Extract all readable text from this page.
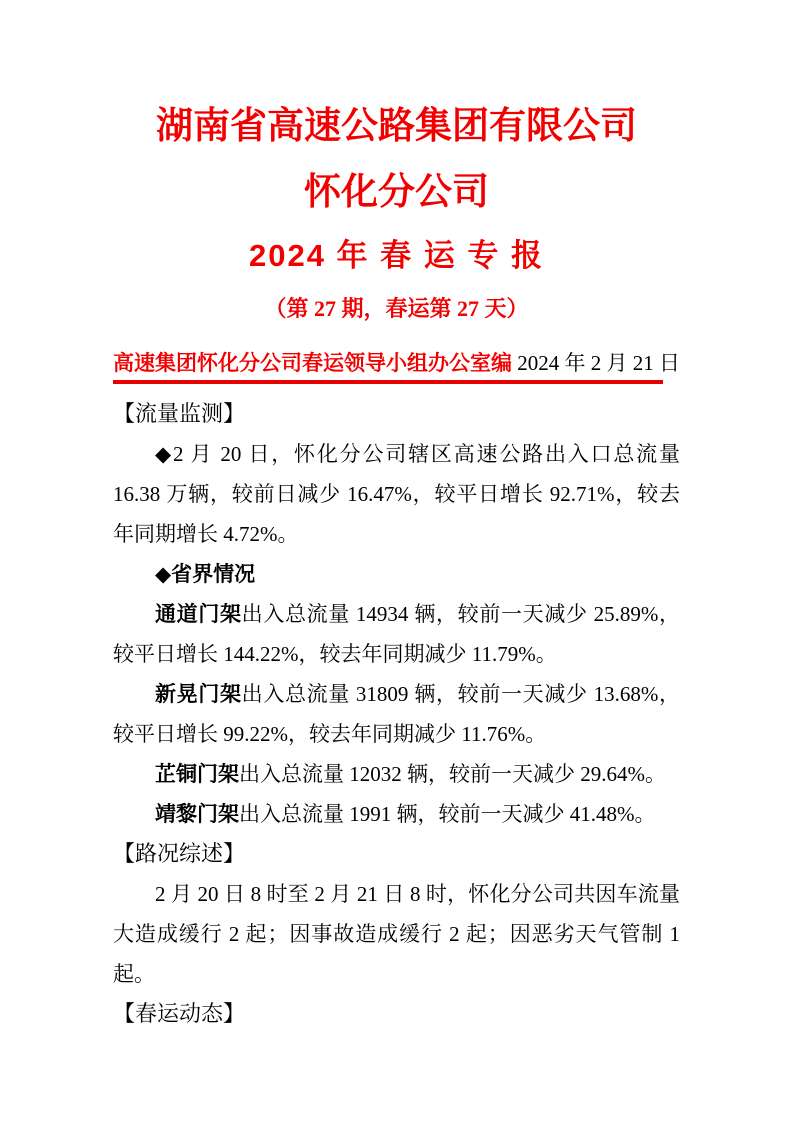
湖南省高速公路集团有限公司
怀化分公司
2024 年 春 运 专 报
（第 27 期，春运第 27 天）
高速集团怀化分公司春运领导小组办公室编 2024 年 2 月 21 日
【流量监测】
◆2 月 20 日，怀化分公司辖区高速公路出入口总流量 16.38 万辆，较前日减少 16.47%，较平日增长 92.71%，较去年同期增长 4.72%。
◆省界情况
通道门架出入总流量 14934 辆，较前一天减少 25.89%，较平日增长 144.22%，较去年同期减少 11.79%。
新晃门架出入总流量 31809 辆，较前一天减少 13.68%，较平日增长 99.22%，较去年同期减少 11.76%。
芷铜门架出入总流量 12032 辆，较前一天减少 29.64%。
靖黎门架出入总流量 1991 辆，较前一天减少 41.48%。
【路况综述】
2 月 20 日 8 时至 2 月 21 日 8 时，怀化分公司共因车流量大造成缓行 2 起；因事故造成缓行 2 起；因恶劣天气管制 1 起。
【春运动态】
